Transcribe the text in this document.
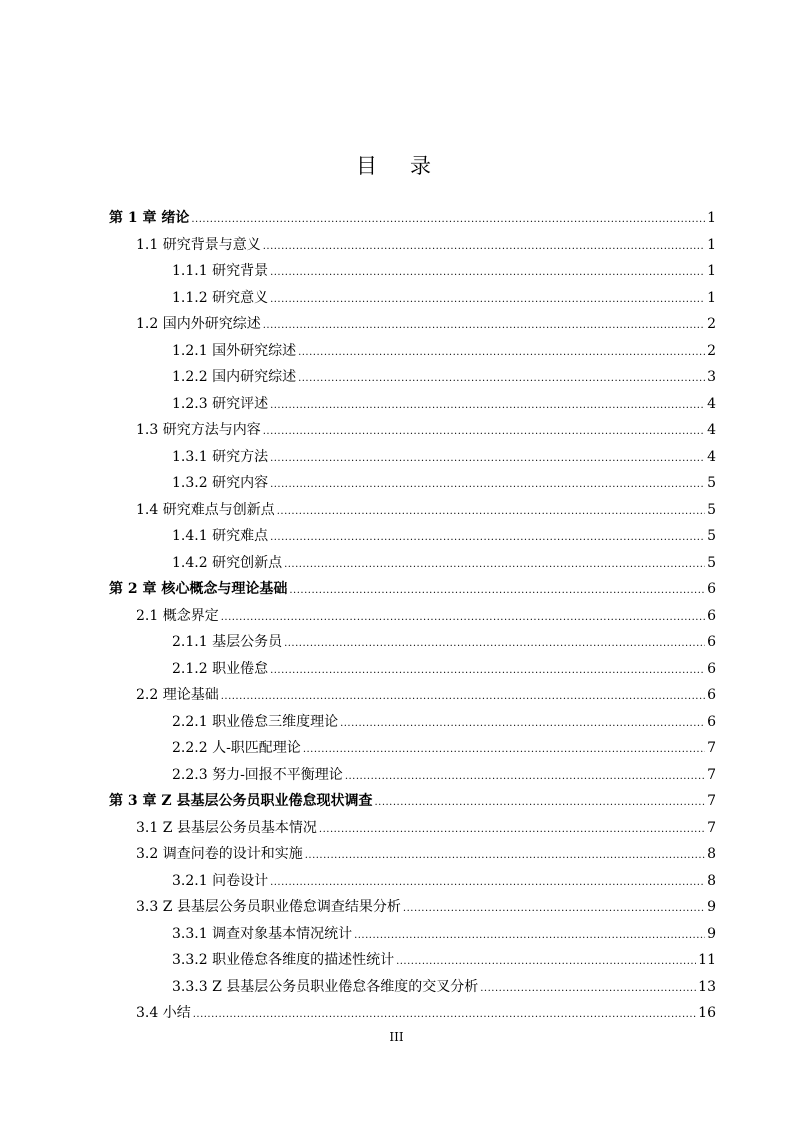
目　录
第 1 章 绪论 .....	1
1.1 研究背景与意义 .....	1
1.1.1 研究背景 .....	1
1.1.2 研究意义 .....	1
1.2 国内外研究综述 .....	2
1.2.1 国外研究综述 .....	2
1.2.2 国内研究综述 .....	3
1.2.3 研究评述 .....	4
1.3 研究方法与内容 .....	4
1.3.1 研究方法 .....	4
1.3.2 研究内容 .....	5
1.4 研究难点与创新点 .....	5
1.4.1 研究难点 .....	5
1.4.2 研究创新点 .....	5
第 2 章 核心概念与理论基础 .....	6
2.1 概念界定 .....	6
2.1.1 基层公务员 .....	6
2.1.2 职业倦怠 .....	6
2.2 理论基础 .....	6
2.2.1 职业倦怠三维度理论 .....	6
2.2.2 人-职匹配理论 .....	7
2.2.3 努力-回报不平衡理论 .....	7
第 3 章 Z 县基层公务员职业倦怠现状调查 .....	7
3.1 Z 县基层公务员基本情况 .....	7
3.2 调查问卷的设计和实施 .....	8
3.2.1 问卷设计 .....	8
3.3 Z 县基层公务员职业倦怠调查结果分析 .....	9
3.3.1 调查对象基本情况统计 .....	9
3.3.2 职业倦怠各维度的描述性统计 .....	11
3.3.3 Z 县基层公务员职业倦怠各维度的交叉分析 .....	13
3.4 小结 .....	16
III
